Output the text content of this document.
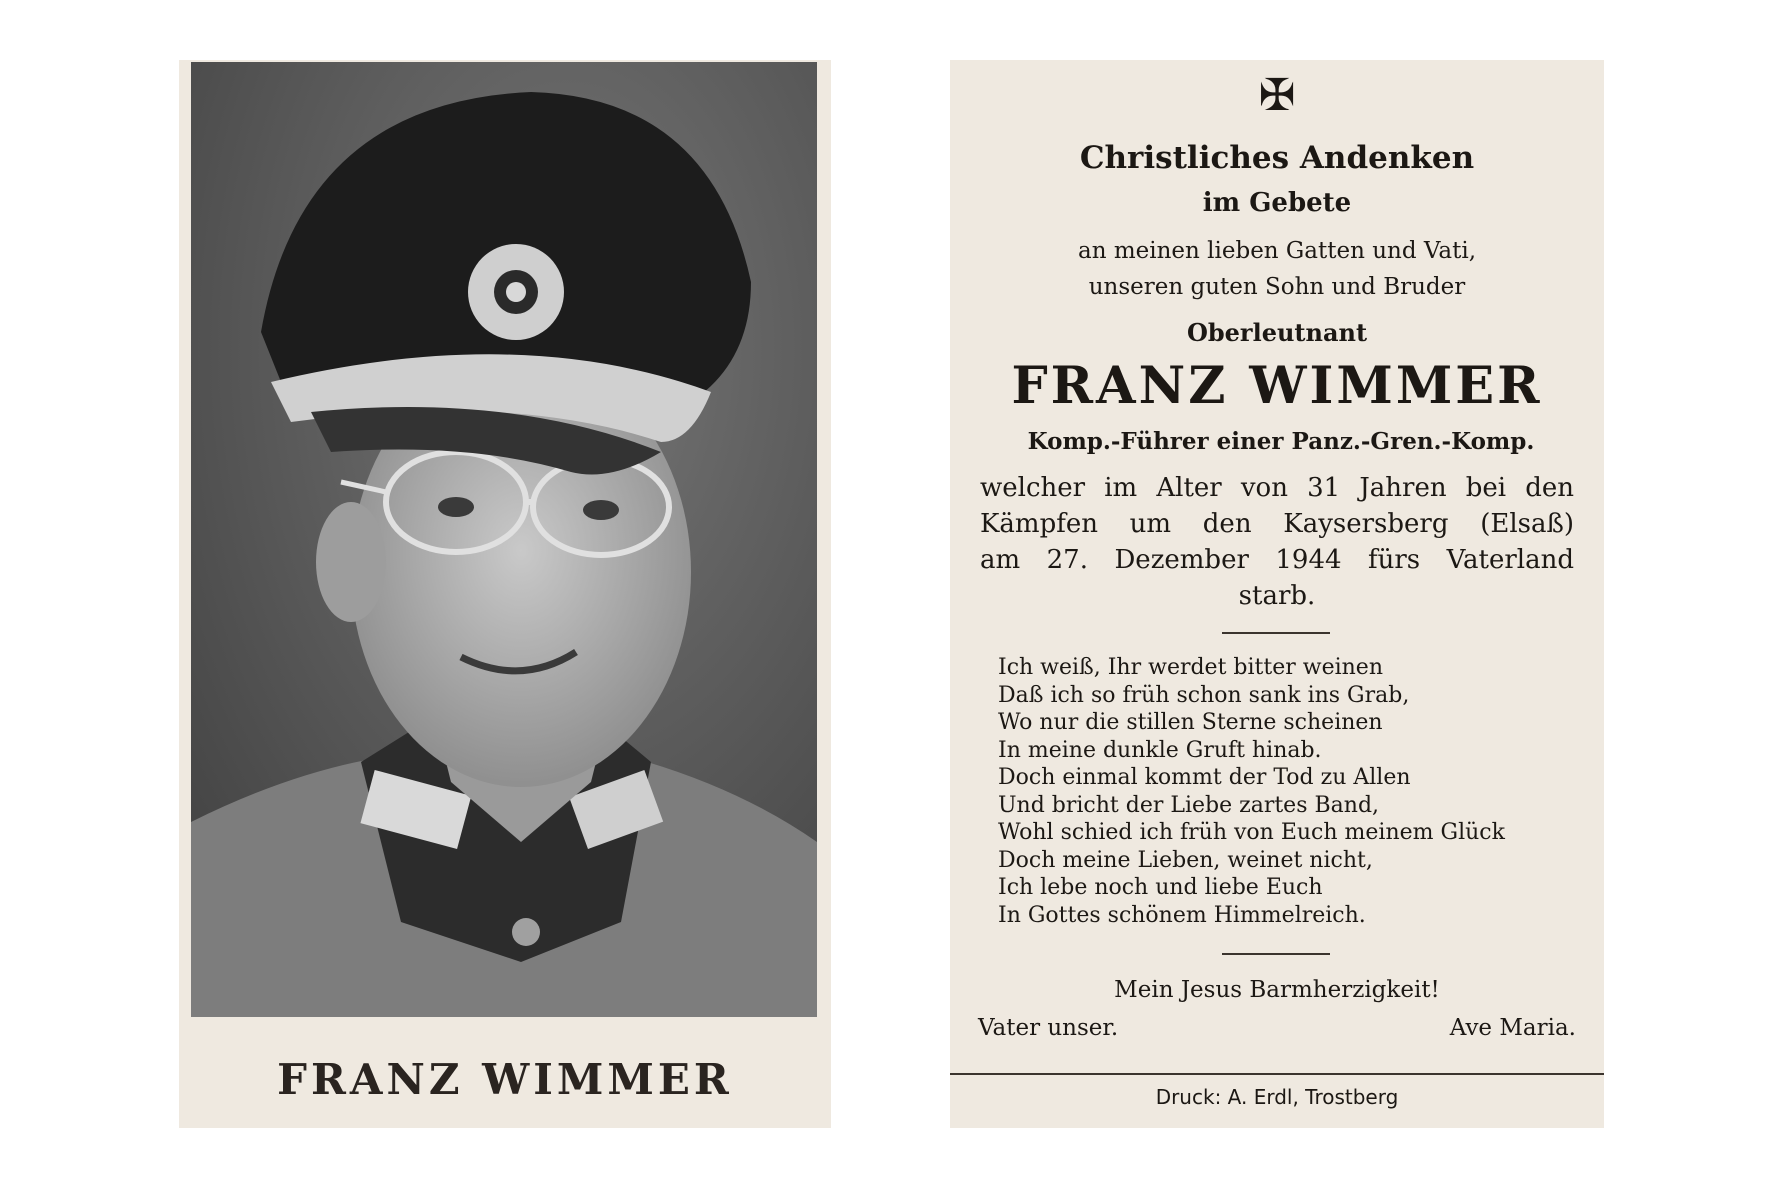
FRANZ WIMMER
✠
Christliches Andenken
im Gebete
an meinen lieben Gatten und Vati,
unseren guten Sohn und Bruder
Oberleutnant
FRANZ WIMMER
Komp.-Führer einer Panz.-Gren.-Komp.
welcher im Alter von 31 Jahren bei den
Kämpfen um den Kaysersberg (Elsaß)
am 27. Dezember 1944 fürs Vaterland
starb.
Ich weiß, Ihr werdet bitter weinen
Daß ich so früh schon sank ins Grab,
Wo nur die stillen Sterne scheinen
In meine dunkle Gruft hinab.
Doch einmal kommt der Tod zu Allen
Und bricht der Liebe zartes Band,
Wohl schied ich früh von Euch meinem Glück
Doch meine Lieben, weinet nicht,
Ich lebe noch und liebe Euch
In Gottes schönem Himmelreich.
Mein Jesus Barmherzigkeit!
Vater unser.	Ave Maria.
Druck: A. Erdl, Trostberg
